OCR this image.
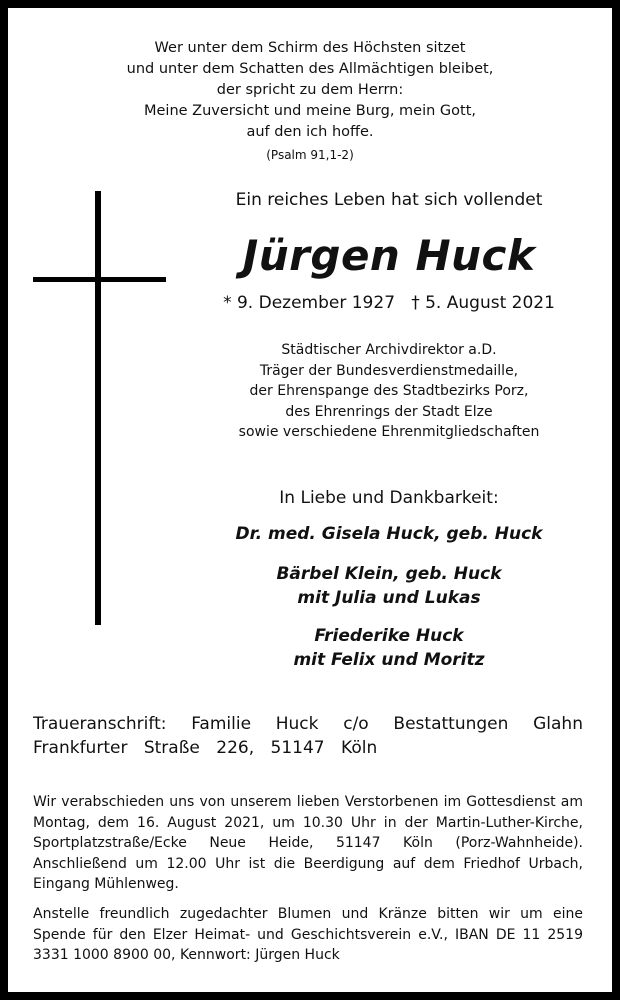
Wer unter dem Schirm des Höchsten sitzet
und unter dem Schatten des Allmächtigen bleibet,
der spricht zu dem Herrn:
Meine Zuversicht und meine Burg, mein Gott,
auf den ich hoffe.
(Psalm 91,1-2)
Ein reiches Leben hat sich vollendet
Jürgen Huck
* 9. Dezember 1927   † 5. August 2021
Städtischer Archivdirektor a.D.
Träger der Bundesverdienstmedaille,
der Ehrenspange des Stadtbezirks Porz,
des Ehrenrings der Stadt Elze
sowie verschiedene Ehrenmitgliedschaften
In Liebe und Dankbarkeit:
Dr. med. Gisela Huck, geb. Huck
Bärbel Klein, geb. Huck
mit Julia und Lukas
Friederike Huck
mit Felix und Moritz
Traueranschrift: Familie Huck c/o Bestattungen Glahn
Frankfurter Straße 226, 51147 Köln
Wir verabschieden uns von unserem lieben Verstorbenen im Gottesdienst am Montag, dem 16. August 2021, um 10.30 Uhr in der Martin-Luther-Kirche, Sportplatzstraße/Ecke Neue Heide, 51147 Köln (Porz-Wahnheide). Anschließend um 12.00 Uhr ist die Beerdigung auf dem Friedhof Urbach, Eingang Mühlenweg.
Anstelle freundlich zugedachter Blumen und Kränze bitten wir um eine Spende für den Elzer Heimat- und Geschichtsverein e.V., IBAN DE 11 2519 3331 1000 8900 00, Kennwort: Jürgen Huck
